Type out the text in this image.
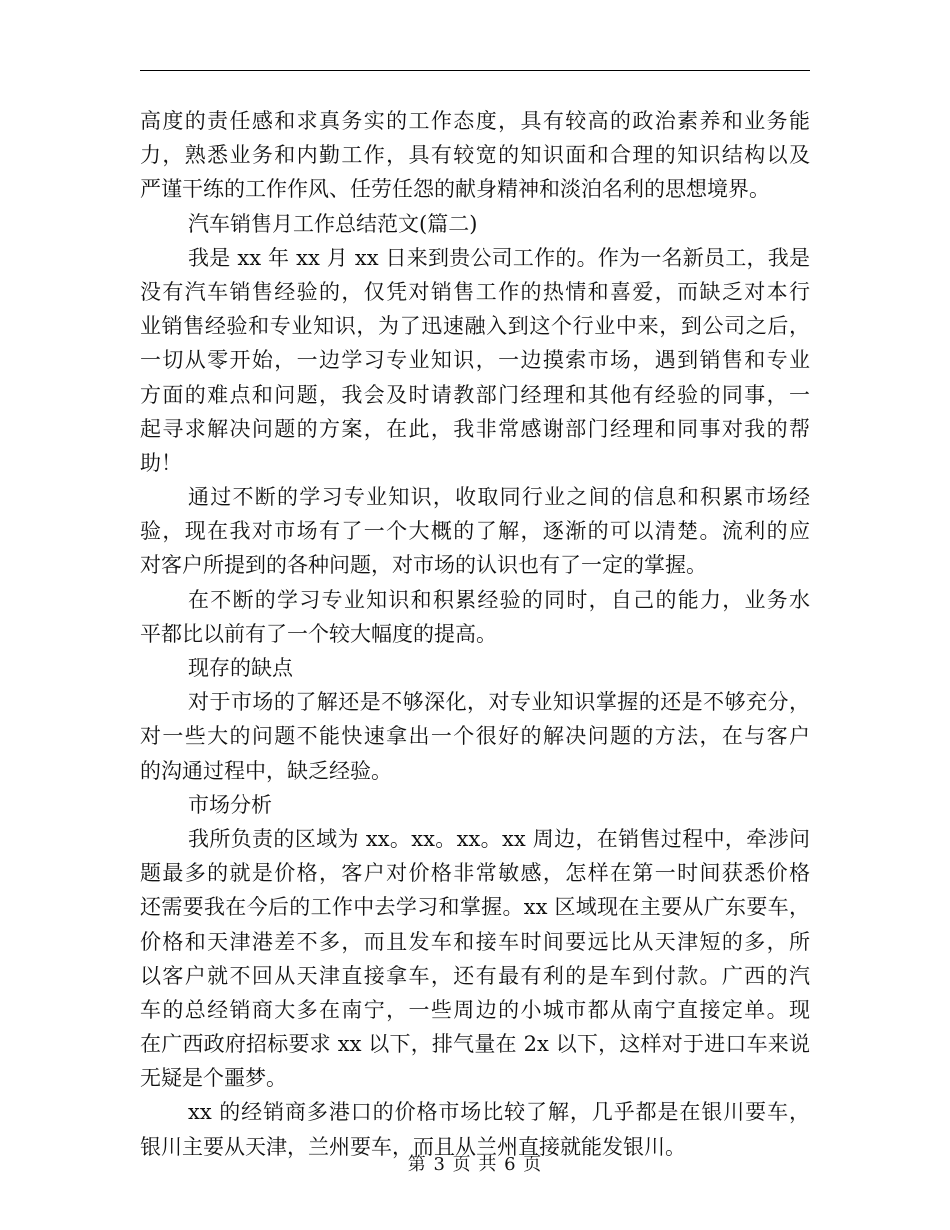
高度的责任感和求真务实的工作态度，具有较高的政治素养和业务能
力，熟悉业务和内勤工作，具有较宽的知识面和合理的知识结构以及
严谨干练的工作作风、任劳任怨的献身精神和淡泊名利的思想境界。
汽车销售月工作总结范文(篇二)
我是 xx 年 xx 月 xx 日来到贵公司工作的。作为一名新员工，我是
没有汽车销售经验的，仅凭对销售工作的热情和喜爱，而缺乏对本行
业销售经验和专业知识，为了迅速融入到这个行业中来，到公司之后，
一切从零开始，一边学习专业知识，一边摸索市场，遇到销售和专业
方面的难点和问题，我会及时请教部门经理和其他有经验的同事，一
起寻求解决问题的方案，在此，我非常感谢部门经理和同事对我的帮
助！
通过不断的学习专业知识，收取同行业之间的信息和积累市场经
验，现在我对市场有了一个大概的了解，逐渐的可以清楚。流利的应
对客户所提到的各种问题，对市场的认识也有了一定的掌握。
在不断的学习专业知识和积累经验的同时，自己的能力，业务水
平都比以前有了一个较大幅度的提高。
现存的缺点
对于市场的了解还是不够深化，对专业知识掌握的还是不够充分，
对一些大的问题不能快速拿出一个很好的解决问题的方法，在与客户
的沟通过程中，缺乏经验。
市场分析
我所负责的区域为 xx。xx。xx。xx 周边，在销售过程中，牵涉问
题最多的就是价格，客户对价格非常敏感，怎样在第一时间获悉价格
还需要我在今后的工作中去学习和掌握。xx 区域现在主要从广东要车，
价格和天津港差不多，而且发车和接车时间要远比从天津短的多，所
以客户就不回从天津直接拿车，还有最有利的是车到付款。广西的汽
车的总经销商大多在南宁，一些周边的小城市都从南宁直接定单。现
在广西政府招标要求 xx 以下，排气量在 2x 以下，这样对于进口车来说
无疑是个噩梦。
xx 的经销商多港口的价格市场比较了解，几乎都是在银川要车，
银川主要从天津，兰州要车，而且从兰州直接就能发银川。
第 3 页 共 6 页
